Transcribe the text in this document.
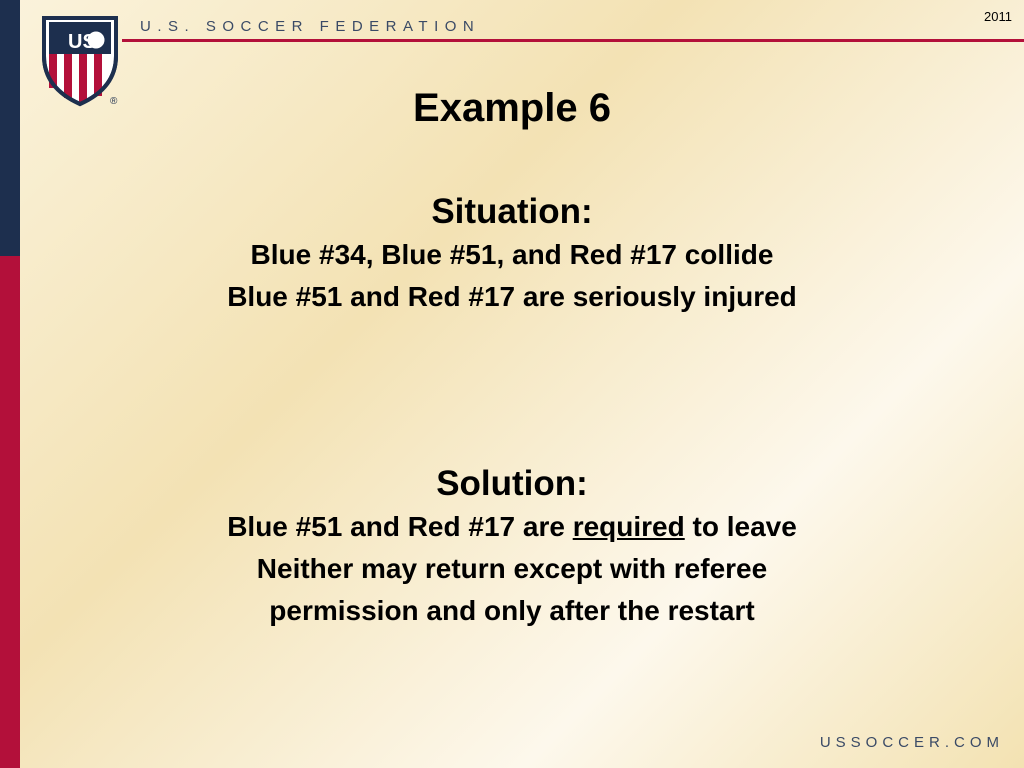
US
®
U.S. SOCCER FEDERATION
2011
Example 6
Situation:
Blue #34, Blue #51, and Red #17 collide
Blue #51 and Red #17 are seriously injured
Solution:
Blue #51 and Red #17 are required to leave
Neither may return except with referee
permission and only after the restart
USSOCCER.COM
